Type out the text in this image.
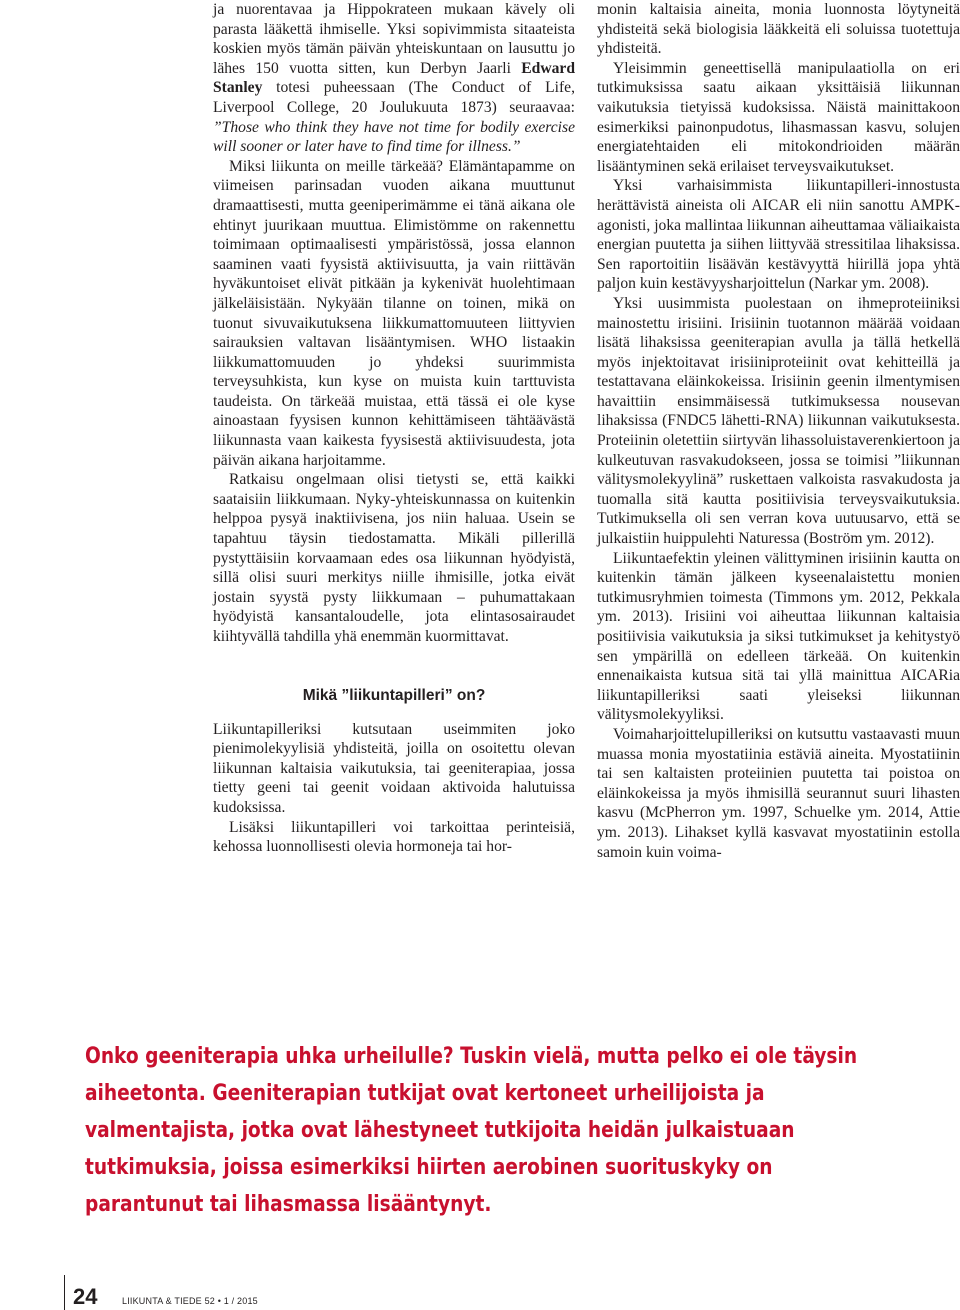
ja nuorentavaa ja Hippokrateen mukaan kävely oli parasta lääkettä ihmiselle. Yksi sopivimmista sitaateista koskien myös tämän päivän yhteiskuntaan on lausuttu jo lähes 150 vuotta sitten, kun Derbyn Jaarli Edward Stanley totesi puheessaan (The Conduct of Life, Liverpool College, 20 Joulukuuta 1873) seuraavaa: ”Those who think they have not time for bodily exercise will sooner or later have to find time for illness.”

Miksi liikunta on meille tärkeää? Elämäntapamme on viimeisen parinsadan vuoden aikana muuttunut dramaattisesti, mutta geeniperimämme ei tänä aikana ole ehtinyt juurikaan muuttua. Elimistömme on rakennettu toimimaan optimaalisesti ympäristössä, jossa elannon saaminen vaati fyysistä aktiivisuutta, ja vain riittävän hyväkuntoiset elivät pitkään ja kykenivät huolehtimaan jälkeläisistään. Nykyään tilanne on toinen, mikä on tuonut sivuvaikutuksena liikkumattomuuteen liittyvien sairauksien valtavan lisääntymisen. WHO listaakin liikkumattomuuden jo yhdeksi suurimmista terveysuhkista, kun kyse on muista kuin tarttuvista taudeista. On tärkeää muistaa, että tässä ei ole kyse ainoastaan fyysisen kunnon kehittämiseen tähtäävästä liikunnasta vaan kaikesta fyysisestä aktiivisuudesta, jota päivän aikana harjoitamme.

Ratkaisu ongelmaan olisi tietysti se, että kaikki saataisiin liikkumaan. Nyky-yhteiskunnassa on kuitenkin helppoa pysyä inaktiivisena, jos niin haluaa. Usein se tapahtuu täysin tiedostamatta. Mikäli pillerillä pystyttäisiin korvaamaan edes osa liikunnan hyödyistä, sillä olisi suuri merkitys niille ihmisille, jotka eivät jostain syystä pysty liikkumaan – puhumattakaan hyödyistä kansantaloudelle, jota elintasosairaudet kiihtyvällä tahdilla yhä enemmän kuormittavat.

Mikä ”liikuntapilleri” on?

Liikuntapilleriksi kutsutaan useimmiten joko pienimolekyylisiä yhdisteitä, joilla on osoitettu olevan liikunnan kaltaisia vaikutuksia, tai geeniterapiaa, jossa tietty geeni tai geenit voidaan aktivoida halutuissa kudoksissa.

Lisäksi liikuntapilleri voi tarkoittaa perinteisiä, kehossa luonnollisesti olevia hormoneja tai hor-

monin kaltaisia aineita, monia luonnosta löytyneitä yhdisteitä sekä biologisia lääkkeitä eli soluissa tuotettuja yhdisteitä.

Yleisimmin geneettisellä manipulaatiolla on eri tutkimuksissa saatu aikaan yksittäisiä liikunnan vaikutuksia tietyissä kudoksissa. Näistä mainittakoon esimerkiksi painonpudotus, lihasmassan kasvu, solujen energiatehtaiden eli mitokondrioiden määrän lisääntyminen sekä erilaiset terveysvaikutukset.

Yksi varhaisimmista liikuntapilleri-innostusta herättävistä aineista oli AICAR eli niin sanottu AMPK-agonisti, joka mallintaa liikunnan aiheuttamaa väliaikaista energian puutetta ja siihen liittyvää stressitilaa lihaksissa. Sen raportoitiin lisäävän kestävyyttä hiirillä jopa yhtä paljon kuin kestävyysharjoittelun (Narkar ym. 2008).

Yksi uusimmista puolestaan on ihmeproteiiniksi mainostettu irisiini. Irisiinin tuotannon määrää voidaan lisätä lihaksissa geeniterapian avulla ja tällä hetkellä myös injektoitavat irisiiniproteiinit ovat kehitteillä ja testattavana eläinkokeissa. Irisiinin geenin ilmentymisen havaittiin ensimmäisessä tutkimuksessa nousevan lihaksissa (FNDC5 lähetti-RNA) liikunnan vaikutuksesta. Proteiinin oletettiin siirtyvän lihassoluistaverenkiertoon ja kulkeutuvan rasvakudokseen, jossa se toimisi ”liikunnan välitysmolekyylinä” ruskettaen valkoista rasvakudosta ja tuomalla sitä kautta positiivisia terveysvaikutuksia. Tutkimuksella oli sen verran kova uutuusarvo, että se julkaistiin huippulehti Naturessa (Boström ym. 2012).

Liikuntaefektin yleinen välittyminen irisiinin kautta on kuitenkin tämän jälkeen kyseenalaistettu monien tutkimusryhmien toimesta (Timmons ym. 2012, Pekkala ym. 2013). Irisiini voi aiheuttaa liikunnan kaltaisia positiivisia vaikutuksia ja siksi tutkimukset ja kehitystyö sen ympärillä on edelleen tärkeää. On kuitenkin ennenaikaista kutsua sitä tai yllä mainittua AICARia liikuntapilleriksi saati yleiseksi liikunnan välitysmolekyyliksi.

Voimaharjoittelupilleriksi on kutsuttu vastaavasti muun muassa monia myostatiinia estäviä aineita. Myostatiinin tai sen kaltaisten proteiinien puutetta tai poistoa on eläinkokeissa ja myös ihmisillä seurannut suuri lihasten kasvu (McPherron ym. 1997, Schuelke ym. 2014, Attie ym. 2013). Lihakset kyllä kasvavat myostatiinin estolla samoin kuin voima-

Onko geeniterapia uhka urheilulle? Tuskin vielä, mutta pelko ei ole täysin aiheetonta. Geeniterapian tutkijat ovat kertoneet urheilijoista ja valmentajista, jotka ovat lähestyneet tutkijoita heidän julkaistuaan tutkimuksia, joissa esimerkiksi hiirten aerobinen suorituskyky on parantunut tai lihasmassa lisääntynyt.

24	LIIKUNTA & TIEDE 52 • 1 / 2015
